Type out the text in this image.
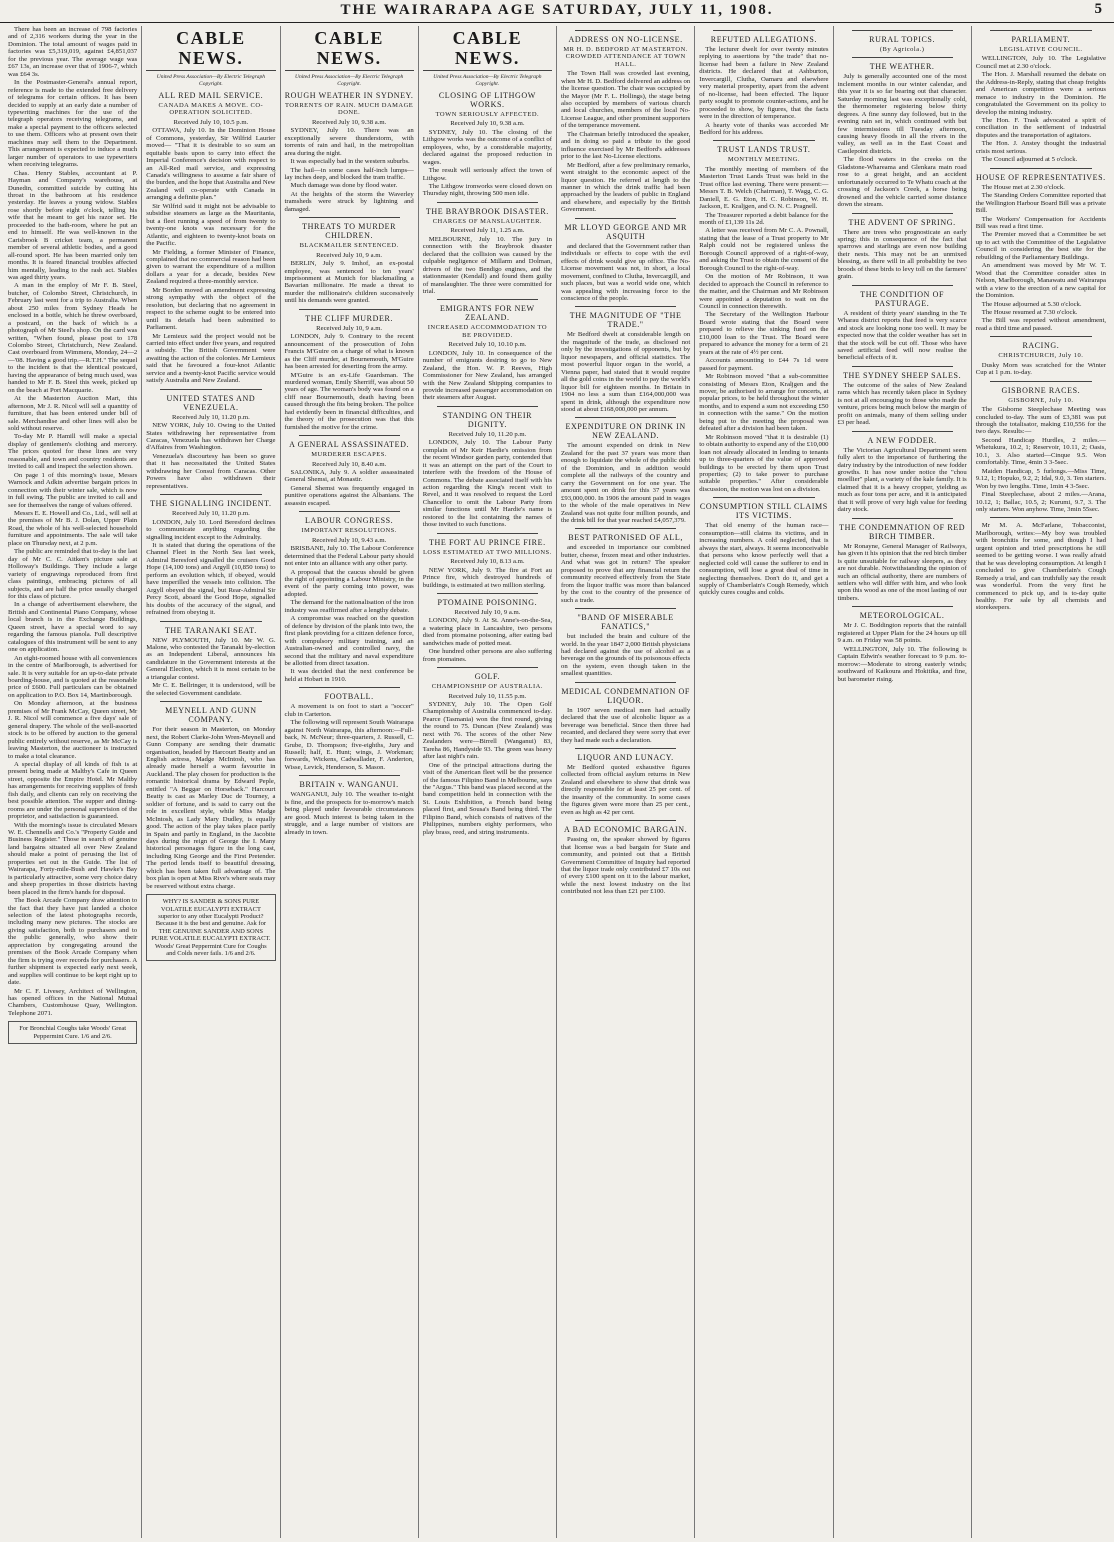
THE WAIRARAPA AGE SATURDAY, JULY 11, 1908.	5

There has been an increase of 798 factories and of 2,316 workers during the year in the Dominion. The total amount of wages paid in factories was £5,319,019, against £4,851,037 for the previous year. The average wage was £67 13s, an increase over that of 1906-7, which was £64 3s.

In the Postmaster-General's annual report, reference is made to the extended free delivery of telegrams for certain offices. It has been decided to supply at an early date a number of typewriting machines for the use of the telegraph operators receiving telegrams, and make a special payment to the officers selected to use them. Officers who at present own their machines may sell them to the Department. This arrangement is expected to induce a much larger number of operators to use typewriters when receiving telegrams.

Chas. Henry Stables, accountant at P. Hayman and Company's warehouse, at Dunedin, committed suicide by cutting his throat in the bathroom at his residence yesterday. He leaves a young widow. Stables rose shortly before eight o'clock, telling his wife that he meant to get his razor set. He proceeded to the bath-room, where he put an end to himself. He was well-known in the Carisbrook B cricket team, a permanent member of several athletic bodies, and a good all-round sport. He has been married only ten months. It is feared financial troubles affected him mentally, leading to the rash act. Stables was aged thirty years.

A man in the employ of Mr F. B. Steel, butcher, of Colombo Street, Christchurch, in February last went for a trip to Australia. When about 250 miles from Sydney Heads he enclosed in a bottle, which he threw overboard, a postcard, on the back of which is a photograph of Mr Steel's shop. On the card was written, "When found, please post to 178 Colombo Street, Christchurch, New Zealand. Cast overboard from Wimmera, Monday, 24—2—'08. Having a good trip.—R.T.H." The sequel to the incident is that the identical postcard, having the appearance of being much used, was handed to Mr F. B. Steel this week, picked up on the beach at Port Macquarie.

At the Masterton Auction Mart, this afternoon, Mr J. R. Nicol will sell a quantity of furniture, that has been entered under bill of sale. Merchandise and other lines will also be sold without reserve.

To-day Mr P. Hamill will make a special display of gentlemen's clothing and mercery. The prices quoted for these lines are very reasonable, and town and country residents are invited to call and inspect the selection shown.

On page 1 of this morning's issue, Messrs Warnock and Adkin advertise bargain prices in connection with their winter sale, which is now in full swing. The public are invited to call and see for themselves the range of values offered.

Messrs E. E. Howell and Co., Ltd., will sell at the premises of Mr B. J. Dolan, Upper Plain Road, the whole of his well-selected household furniture and appointments. The sale will take place on Thursday next, at 2 p.m.

The public are reminded that to-day is the last day of Mr C. C. Aitken's picture sale at Holloway's Buildings. They include a large variety of engravings reproduced from first class paintings, embracing pictures of all subjects, and are half the price usually charged for this class of picture.

In a change of advertisement elsewhere, the British and Continental Piano Company, whose local branch is in the Exchange Buildings, Queen street, have a special word to say regarding the famous pianola. Full descriptive catalogues of this instrument will be sent to any one on application.

An eight-roomed house with all conveniences in the centre of Marlborough, is advertised for sale. It is very suitable for an up-to-date private boarding-house, and is quoted at the reasonable price of £600. Full particulars can be obtained on application to P.O. Box 14, Martinborough.

On Monday afternoon, at the business premises of Mr Frank McCay, Queen street, Mr J. R. Nicol will commence a five days' sale of general drapery. The whole of the well-assorted stock is to be offered by auction to the general public entirely without reserve, as Mr McCay is leaving Masterton, the auctioneer is instructed to make a total clearance.

A special display of all kinds of fish is at present being made at Maltby's Cafe in Queen street, opposite the Empire Hotel. Mr Maltby has arrangements for receiving supplies of fresh fish daily, and clients can rely on receiving the best possible attention. The supper and dining-rooms are under the personal supervision of the proprietor, and satisfaction is guaranteed.

With the morning's issue is circulated Messrs W. E. Chennells and Co.'s "Property Guide and Business Register." Those in search of genuine land bargains situated all over New Zealand should make a point of perusing the list of properties set out in the Guide. The list of Wairarapa, Forty-mile-Bush and Hawke's Bay is particularly attractive, some very choice dairy and sheep properties in those districts having been placed in the firm's hands for disposal.

The Book Arcade Company draw attention to the fact that they have just landed a choice selection of the latest photographs records, including many new pictures. The stocks are giving satisfaction, both to purchasers and to the public generally, who show their appreciation by congregating around the premises of the Book Arcade Company when the firm is trying over records for purchasers. A further shipment is expected early next week, and supplies will continue to be kept right up to date.

Mr C. F. Livesey, Architect of Wellington, has opened offices in the National Mutual Chambers, Customhouse Quay, Wellington. Telephone 2071.

For Bronchial Coughs take Woods' Great Peppermint Cure. 1/6 and 2/6.
CABLE NEWS.
United Press Association—By Electric Telegraph Copyright.
ALL RED MAIL SERVICE.
CANADA MAKES A MOVE. CO-OPERATION SOLICITED.
Received July 10, 10.5 p.m.

OTTAWA, July 10. In the Dominion House of Commons, yesterday, Sir Wilfrid Laurier moved— "That it is desirable to so sum an equitable basis upon to carry into effect the Imperial Conference's decision with respect to an All-Red mail service, and expressing Canada's willingness to assume a fair share of the burden, and the hope that Australia and New Zealand will co-operate with Canada in arranging a definite plan."

Sir Wilfrid said it might not be advisable to subsidise steamers as large as the Mauritania, but a fleet running a speed of from twenty to twenty-one knots was necessary for the Atlantic, and eighteen to twenty-knot boats on the Pacific.

Mr Fielding, a former Minister of Finance, complained that no commercial reason had been given to warrant the expenditure of a million dollars a year for a decade, besides New Zealand required a three-monthly service.

Mr Borden moved an amendment expressing strong sympathy with the object of the resolution, but declaring that no agreement in respect to the scheme ought to be entered into until its details had been submitted to Parliament.

Mr Lemieux said the project would not be carried into effect under five years, and required a subsidy. The British Government were awaiting the action of the colonies. Mr Lemieux said that he favoured a four-knot Atlantic service and a twenty-knot Pacific service would satisfy Australia and New Zealand.

UNITED STATES AND VENEZUELA.
Received July 10, 11.20 p.m.

NEW YORK, July 10. Owing to the United States withdrawing her representative from Caracas, Venezuela has withdrawn her Charge d'Affaires from Washington.

Venezuela's discourtesy has been so grave that it has necessitated the United States withdrawing her Consul from Caracas. Other Powers have also withdrawn their representatives.

THE SIGNALLING INCIDENT.
Received July 10, 11.20 p.m.

LONDON, July 10. Lord Beresford declines to communicate anything regarding the signalling incident except to the Admiralty.

It is stated that during the operations of the Channel Fleet in the North Sea last week, Admiral Beresford signalled the cruisers Good Hope (14,100 tons) and Argyll (10,850 tons) to perform an evolution which, if obeyed, would have imperilled the vessels into collision. The Argyll obeyed the signal, but Rear-Admiral Sir Percy Scott, aboard the Good Hope, signalled his doubts of the accuracy of the signal, and refrained from obeying it.

THE TARANAKI SEAT.

NEW PLYMOUTH, July 10. Mr W. G. Malone, who contested the Taranaki by-election as an Independent Liberal, announces his candidature in the Government interests at the General Election, which it is most certain to be a triangular contest.

Mr C. E. Bellringer, it is understood, will be the selected Government candidate.

MEYNELL AND GUNN COMPANY.

For their season in Masterton, on Monday next, the Robert Clarke-John Wren-Meynell and Gunn Company are sending their dramatic organisation, headed by Harcourt Beatty and an English actress, Madge McIntosh, who has already made herself a warm favourite in Auckland. The play chosen for production is the romantic historical drama by Edward Peple, entitled "A Beggar on Horseback." Harcourt Beatty is cast as Marley Duc de Tourney, a soldier of fortune, and is said to carry out the role in excellent style, while Miss Madge McIntosh, as Lady Mary Dudley, is equally good. The action of the play takes place partly in Spain and partly in England, in the Jacobite days during the reign of George the I. Many historical personages figure in the long cast, including King George and the First Pretender. The period lends itself to beautiful dressing, which has been taken full advantage of. The box plan is open at Miss Rive's where seats may be reserved without extra charge.

WHY? IS SANDER & SONS PURE VOLATILE EUCALYPTI EXTRACT superior to any other Eucalypti Product? Because it is the best and genuine. Ask for THE GENUINE SANDER AND SONS PURE VOLATILE EUCALYPTI EXTRACT. Woods' Great Peppermint Cure for Coughs and Colds never fails. 1/6 and 2/6.
CABLE NEWS.
United Press Association—By Electric Telegraph Copyright.
ROUGH WEATHER IN SYDNEY.
TORRENTS OF RAIN. MUCH DAMAGE DONE.
Received July 10, 9.38 a.m.

SYDNEY, July 10. There was an exceptionally severe thunderstorm, with torrents of rain and hail, in the metropolitan area during the night.

It was especially bad in the western suburbs.

The hail—in some cases half-inch lumps—lay inches deep, and blocked the tram traffic.

Much damage was done by flood water.

At the heights of the storm the Waverley tramsheds were struck by lightning and damaged.

THREATS TO MURDER CHILDREN.
BLACKMAILER SENTENCED.
Received July 10, 9 a.m.

BERLIN, July 9. Imhof, an ex-postal employee, was sentenced to ten years' imprisonment at Munich for blackmailing a Bavarian millionaire. He made a threat to murder the millionaire's children successively until his demands were granted.

THE CLIFF MURDER.
Received July 10, 9 a.m.

LONDON, July 9. Contrary to the recent announcement of the prosecution of John Francis M'Guire on a charge of what is known as the Cliff murder, at Bournemouth, M'Guire has been arrested for deserting from the army.

M'Guire is an ex-Life Guardsman. The murdered woman, Emily Sherriff, was about 50 years of age. The woman's body was found on a cliff near Bournemouth, death having been caused through the fits being broken. The police had evidently been in financial difficulties, and the theory of the prosecution was that this furnished the motive for the crime.

A GENERAL ASSASSINATED.
MURDERER ESCAPES.
Received July 10, 8.40 a.m.

SALONIKA, July 9. A soldier assassinated General Shemsi, at Monastir.

General Shemsi was frequently engaged in punitive operations against the Albanians. The assassin escaped.

LABOUR CONGRESS.
IMPORTANT RESOLUTIONS.
Received July 10, 9.43 a.m.

BRISBANE, July 10. The Labour Conference determined that the Federal Labour party should not enter into an alliance with any other party.

A proposal that the caucus should be given the right of appointing a Labour Ministry, in the event of the party coming into power, was adopted.

The demand for the nationalisation of the iron industry was reaffirmed after a lengthy debate.

A compromise was reached on the question of defence by division of the plank into two, the first plank providing for a citizen defence force, with compulsory military training, and an Australian-owned and controlled navy, the second that the military and naval expenditure be allotted from direct taxation.

It was decided that the next conference be held at Hobart in 1910.

FOOTBALL.

A movement is on foot to start a "soccer" club in Carterton.

The following will represent South Wairarapa against North Wairarapa, this afternoon:—Full-back, N. McNeur; three-quarters, J. Russell, C. Grube, D. Thompson; five-eighths, Jury and Russell; half, E. Hunt; wings, J. Workman; forwards, Wickens, Cadwallader, F. Anderton, Wisse, Levick, Henderson, S. Mason.

BRITAIN v. WANGANUI.

WANGANUI, July 10. The weather to-night is fine, and the prospects for to-morrow's match being played under favourable circumstances are good. Much interest is being taken in the struggle, and a large number of visitors are already in town.

CABLE NEWS.
United Press Association—By Electric Telegraph Copyright.
CLOSING OF LITHGOW WORKS.
TOWN SERIOUSLY AFFECTED.
Received July 10, 9.38 a.m.

SYDNEY, July 10. The closing of the Lithgow works was the outcome of a conflict of employees, who, by a considerable majority, declared against the proposed reduction in wages.

The result will seriously affect the town of Lithgow.

The Lithgow ironworks were closed down on Thursday night, throwing 500 men idle.

THE BRAYBROOK DISASTER.
CHARGES OF MANSLAUGHTER.
Received July 11, 1.25 a.m.

MELBOURNE, July 10. The jury in connection with the Braybrook disaster declared that the collision was caused by the culpable negligence of Millarm and Dolman, drivers of the two Bendigo engines, and the stationmaster (Kendall) and found them guilty of manslaughter. The three were committed for trial.

EMIGRANTS FOR NEW ZEALAND.
INCREASED ACCOMMODATION TO BE PROVIDED.
Received July 10, 10.10 p.m.

LONDON, July 10. In consequence of the number of emigrants desiring to go to New Zealand, the Hon. W. P. Reeves, High Commissioner for New Zealand, has arranged with the New Zealand Shipping companies to provide increased passenger accommodation on their steamers after August.

STANDING ON THEIR DIGNITY.
Received July 10, 11.20 p.m.

LONDON, July 10. The Labour Party complain of Mr Keir Hardie's omission from the recent Windsor garden party, contended that it was an attempt on the part of the Court to interfere with the freedom of the House of Commons. The debate associated itself with his action regarding the King's recent visit to Revel, and it was resolved to request the Lord Chancellor to omit the Labour Party from similar functions until Mr Hardie's name is restored to the list containing the names of those invited to such functions.

THE FORT AU PRINCE FIRE.
LOSS ESTIMATED AT TWO MILLIONS.
Received July 10, 8.13 a.m.

NEW YORK, July 9. The fire at Fort au Prince fire, which destroyed hundreds of buildings, is estimated at two million sterling.

PTOMAINE POISONING.
Received July 10, 9 a.m.

LONDON, July 9. At St. Anne's-on-the-Sea, a watering place in Lancashire, two persons died from ptomaine poisoning, after eating bad sandwiches made of potted meat.

One hundred other persons are also suffering from ptomaines.

GOLF.
CHAMPIONSHIP OF AUSTRALIA.
Received July 10, 11.55 p.m.

SYDNEY, July 10. The Open Golf Championship of Australia commenced to-day. Pearce (Tasmania) won the first round, giving the round to 75. Duncan (New Zealand) was next with 76. The scores of the other New Zealanders were—Birrell (Wanganui) 83, Tareha 86, Handyside 93. The green was heavy after last night's rain.

One of the principal attractions during the visit of the American fleet will be the presence of the famous Filipino Band in Melbourne, says the "Argus." This band was placed second at the band competition held in connection with the St. Louis Exhibition, a French band being placed first, and Sousa's Band being third. The Filipino Band, which consists of natives of the Philippines, numbers eighty performers, who play brass, reed, and string instruments.

ADDRESS ON NO-LICENSE.
MR H. D. BEDFORD AT MASTERTON. CROWDED ATTENDANCE AT TOWN HALL.

The Town Hall was crowded last evening, when Mr H. D. Bedford delivered an address on the license question. The chair was occupied by the Mayor (Mr F. L. Hollings), the stage being also occupied by members of various church and local churches, members of the local No-License League, and other prominent supporters of the temperance movement.

The Chairman briefly introduced the speaker, and in doing so paid a tribute to the good influence exercised by Mr Bedford's addresses prior to the last No-License elections.

Mr Bedford, after a few preliminary remarks, went straight to the economic aspect of the liquor question. He referred at length to the manner in which the drink traffic had been approached by the leaders of public in England and elsewhere, and especially by the British Government.

MR LLOYD GEORGE AND MR ASQUITH

and declared that the Government rather than individuals or effects to cope with the evil effects of drink would give up office. The No-License movement was not, in short, a local movement, confined to Clutha, Invercargill, and such places, but was a world wide one, which was appealing with increasing force to the conscience of the people.

THE MAGNITUDE OF "THE TRADE."

Mr Bedford dwelt at considerable length on the magnitude of the trade, as disclosed not only by the investigations of opponents, but by liquor newspapers, and official statistics. The most powerful liquor organ in the world, a Vienna paper, had stated that it would require all the gold coins in the world to pay the world's liquor bill for eighteen months. In Britain in 1904 no less a sum than £164,000,000 was spent in drink, although the expenditure now stood at about £168,000,000 per annum.

EXPENDITURE ON DRINK IN NEW ZEALAND.

The amount expended on drink in New Zealand for the past 37 years was more than enough to liquidate the whole of the public debt of the Dominion, and in addition would complete all the railways of the country and carry the Government on for one year. The amount spent on drink for this 37 years was £93,000,000. In 1906 the amount paid in wages to the whole of the male operatives in New Zealand was not quite four million pounds, and the drink bill for that year reached £4,057,379.

BEST PATRONISED OF ALL,

and exceeded in importance our combined butter, cheese, frozen meat and other industries. And what was got in return? The speaker proposed to prove that any financial return the community received effectively from the State from the liquor traffic was more than balanced by the cost to the country of the presence of such a trade.

"BAND OF MISERABLE FANATICS,"

but included the brain and culture of the world. In the year 1847 2,000 British physicians had declared against the use of alcohol as a beverage on the grounds of its poisonous effects on the system, even though taken in the smallest quantities.

MEDICAL CONDEMNATION OF LIQUOR.

In 1907 seven medical men had actually declared that the use of alcoholic liquor as a beverage was beneficial. Since then three had recanted, and declared they were sorry that ever they had made such a declaration.

LIQUOR AND LUNACY.

Mr Bedford quoted exhaustive figures collected from official asylum returns in New Zealand and elsewhere to show that drink was directly responsible for at least 25 per cent. of the insanity of the community. In some cases the figures given were more than 25 per cent., even as high as 42 per cent.

A BAD ECONOMIC BARGAIN.

Passing on, the speaker showed by figures that license was a bad bargain for State and community, and pointed out that a British Government Committee of Inquiry had reported that the liquor trade only contributed £7 10s out of every £100 spent on it to the labour market, while the next lowest industry on the list contributed not less than £21 per £100.

REFUTED ALLEGATIONS.

The lecturer dwelt for over twenty minutes replying to assertions by "the trade" that no-license had been a failure in New Zealand districts. He declared that at Ashburton, Invercargill, Clutha, Oamaru and elsewhere very material prosperity, apart from the advent of no-license, had been effected. The liquor party sought to promote counter-actions, and he proceeded to show, by figures, that the facts were in the direction of temperance.

A hearty vote of thanks was accorded Mr Bedford for his address.

TRUST LANDS TRUST.
MONTHLY MEETING.

The monthly meeting of members of the Masterton Trust Lands Trust was held in the Trust office last evening. There were present:—Messrs T. B. Welch (Chairman), T. Wagg, C. G. Daniell, E. G. Eton, H. C. Robinson, W. H. Jackson, E. Kraljgen, and O. N. C. Pragnell.

The Treasurer reported a debit balance for the month of £1,139 11s 2d.

A letter was received from Mr C. A. Pownall, stating that the lease of a Trust property to Mr Ralph could not be registered unless the Borough Council approved of a right-of-way, and asking the Trust to obtain the consent of the Borough Council to the right-of-way.

On the motion of Mr Robinson, it was decided to approach the Council in reference to the matter, and the Chairman and Mr Robinson were appointed a deputation to wait on the Council in connection therewith.

The Secretary of the Wellington Harbour Board wrote stating that the Board were prepared to relieve the sinking fund on the £10,000 loan to the Trust. The Board were prepared to advance the money for a term of 21 years at the rate of 4½ per cent.

Accounts amounting to £44 7s 1d were passed for payment.

Mr Robinson moved "that a sub-committee consisting of Messrs Eton, Kraljgen and the mover, be authorised to arrange for concerts, at popular prices, to be held throughout the winter months, and to expend a sum not exceeding £50 in connection with the same." On the motion being put to the meeting the proposal was defeated after a division had been taken.

Mr Robinson moved "that it is desirable (1) to obtain authority to expend any of the £10,000 loan not already allocated in lending to tenants up to three-quarters of the value of approved buildings to be erected by them upon Trust properties; (2) to take power to purchase suitable properties." After considerable discussion, the motion was lost on a division.

CONSUMPTION STILL CLAIMS ITS VICTIMS.

That old enemy of the human race—consumption—still claims its victims, and in increasing numbers. A cold neglected, that is always the start, always. It seems inconceivable that persons who know perfectly well that a neglected cold will cause the sufferer to end in consumption, will lose a great deal of time in neglecting themselves. Don't do it, and get a supply of Chamberlain's Cough Remedy, which quickly cures coughs and colds.

RURAL TOPICS.
(By Agricola.)
THE WEATHER.

July is generally accounted one of the most inclement months in our winter calendar, and this year it is so far bearing out that character. Saturday morning last was exceptionally cold, the thermometer registering below thirty degrees. A fine sunny day followed, but in the evening rain set in, which continued with but few intermissions till Tuesday afternoon, causing heavy floods in all the rivers in the valley, as well as in the East Coast and Castlepoint districts.

The flood waters in the creeks on the Gladstone-Whareama and Glenkara main road rose to a great height, and an accident unfortunately occurred to Te Whatu coach at the crossing of Jackson's Creek, a horse being drowned and the vehicle carried some distance down the stream.

THE ADVENT OF SPRING.

There are trees who prognosticate an early spring; this in consequence of the fact that sparrows and starlings are even now building their nests. This may not be an unmixed blessing, as there will in all probability be two broods of these birds to levy toll on the farmers' grain.

THE CONDITION OF PASTURAGE.

A resident of thirty years' standing in the Te Wharau district reports that feed is very scarce and stock are looking none too well. It may be expected now that the colder weather has set in that the stock will be cut off. Those who have saved artificial feed will now realise the beneficial effects of it.

THE SYDNEY SHEEP SALES.

The outcome of the sales of New Zealand rams which has recently taken place in Sydney is not at all encouraging to those who made the venture, prices being much below the margin of profit on animals, many of them selling under £3 per head.

A NEW FODDER.

The Victorian Agricultural Department seem fully alert to the importance of furthering the dairy industry by the introduction of new fodder growths. It has now under notice the "chou moellier" plant, a variety of the kale family. It is claimed that it is a heavy cropper, yielding as much as four tons per acre, and it is anticipated that it will prove of very high value for feeding dairy stock.

THE CONDEMNATION OF RED BIRCH TIMBER.

Mr Ronayne, General Manager of Railways, has given it his opinion that the red birch timber is quite unsuitable for railway sleepers, as they are not durable. Notwithstanding the opinion of such an official authority, there are numbers of settlers who will differ with him, and who look upon this wood as one of the most lasting of our timbers.

METEOROLOGICAL.

Mr J. C. Boddington reports that the rainfall registered at Upper Plain for the 24 hours up till 9 a.m. on Friday was 58 points.

WELLINGTON, July 10. The following is Captain Edwin's weather forecast to 9 p.m. to-morrow:—Moderate to strong easterly winds; southward of Kaikoura and Hokitika, and fine, but barometer rising.

PARLIAMENT.
LEGISLATIVE COUNCIL.

WELLINGTON, July 10. The Legislative Council met at 2.30 o'clock.

The Hon. J. Marshall resumed the debate on the Address-in-Reply, stating that cheap freights and American competition were a serious menace to industry in the Dominion. He congratulated the Government on its policy to develop the mining industry.

The Hon. F. Trask advocated a spirit of conciliation in the settlement of industrial disputes and the transportation of agitators.

The Hon. J. Anstey thought the industrial crisis most serious.

The Council adjourned at 5 o'clock.

HOUSE OF REPRESENTATIVES.

The House met at 2.30 o'clock.

The Standing Orders Committee reported that the Wellington Harbour Board Bill was a private Bill.

The Workers' Compensation for Accidents Bill was read a first time.

The Premier moved that a Committee be set up to act with the Committee of the Legislative Council in considering the best site for the rebuilding of the Parliamentary Buildings.

An amendment was moved by Mr W. T. Wood that the Committee consider sites in Nelson, Marlborough, Manawatu and Wairarapa with a view to the erection of a new capital for the Dominion.

The House adjourned at 5.30 o'clock.

The House resumed at 7.30 o'clock.

The Bill was reported without amendment, read a third time and passed.

RACING.
CHRISTCHURCH, July 10.

Dusky Morn was scratched for the Winter Cup at 1 p.m. to-day.

GISBORNE RACES.
GISBORNE, July 10.

The Gisborne Steeplechase Meeting was concluded to-day. The sum of £3,381 was put through the totalisator, making £10,556 for the two days. Results:—

Second Handicap Hurdles, 2 miles.—Whetukura, 10.2, 1; Reservoir, 10.11, 2; Oasis, 10.1, 3. Also started—Cinque 9.5. Won comfortably. Time, 4min 3 3-5sec.

Maiden Handicap, 5 furlongs.—Miss Time, 9.12, 1; Hopuko, 9.2, 2; Idal, 9.0, 3. Ten starters. Won by two lengths. Time, 1min 4 3-5sec.

Final Steeplechase, about 2 miles.—Arana, 10.12, 1; Ballac, 10.5, 2; Kurumi, 9.7, 3. The only starters. Won anyhow. Time, 3min 55sec.

Mr M. A. McFarlane, Tobacconist, Marlborough, writes:—My boy was troubled with bronchitis for some, and though I had urgent opinion and tried prescriptions he still seemed to be getting worse. I was really afraid that he was developing consumption. At length I concluded to give Chamberlain's Cough Remedy a trial, and can truthfully say the result was wonderful. From the very first he commenced to pick up, and is to-day quite healthy. For sale by all chemists and storekeepers.
